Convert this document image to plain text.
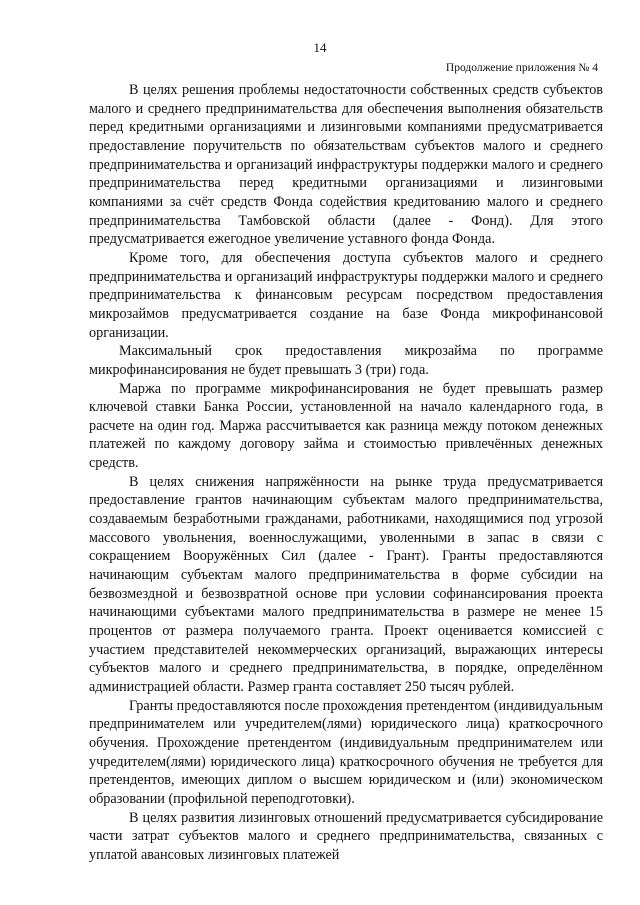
14
Продолжение приложения № 4

В целях решения проблемы недостаточности собственных средств субъектов малого и среднего предпринимательства для обеспечения выполнения обязательств перед кредитными организациями и лизинговыми компаниями предусматривается предоставление поручительств по обязательствам субъектов малого и среднего предпринимательства и организаций инфраструктуры поддержки малого и среднего предпринимательства перед кредитными организациями и лизинговыми компаниями за счёт средств Фонда содействия кредитованию малого и среднего предпринимательства Тамбовской области (далее - Фонд). Для этого предусматривается ежегодное увеличение уставного фонда Фонда.

Кроме того, для обеспечения доступа субъектов малого и среднего предпринимательства и организаций инфраструктуры поддержки малого и среднего предпринимательства к финансовым ресурсам посредством предоставления микрозаймов предусматривается создание на базе Фонда микрофинансовой организации.

Максимальный срок предоставления микрозайма по программе микрофинансирования не будет превышать 3 (три) года.

Маржа по программе микрофинансирования не будет превышать размер ключевой ставки Банка России, установленной на начало календарного года, в расчете на один год. Маржа рассчитывается как разница между потоком денежных платежей по каждому договору займа и стоимостью привлечённых денежных средств.

В целях снижения напряжённости на рынке труда предусматривается предоставление грантов начинающим субъектам малого предпринимательства, создаваемым безработными гражданами, работниками, находящимися под угрозой массового увольнения, военнослужащими, уволенными в запас в связи с сокращением Вооружённых Сил (далее - Грант). Гранты предоставляются начинающим субъектам малого предпринимательства в форме субсидии на безвозмездной и безвозвратной основе при условии софинансирования проекта начинающими субъектами малого предпринимательства в размере не менее 15 процентов от размера получаемого гранта. Проект оценивается комиссией с участием представителей некоммерческих организаций, выражающих интересы субъектов малого и среднего предпринимательства, в порядке, определённом администрацией области. Размер гранта составляет 250 тысяч рублей.

Гранты предоставляются после прохождения претендентом (индивидуальным предпринимателем или учредителем(лями) юридического лица) краткосрочного обучения. Прохождение претендентом (индивидуальным предпринимателем или учредителем(лями) юридического лица) краткосрочного обучения не требуется для претендентов, имеющих диплом о высшем юридическом и (или) экономическом образовании (профильной переподготовки).

В целях развития лизинговых отношений предусматривается субсидирование части затрат субъектов малого и среднего предпринимательства, связанных с уплатой авансовых лизинговых платежей
